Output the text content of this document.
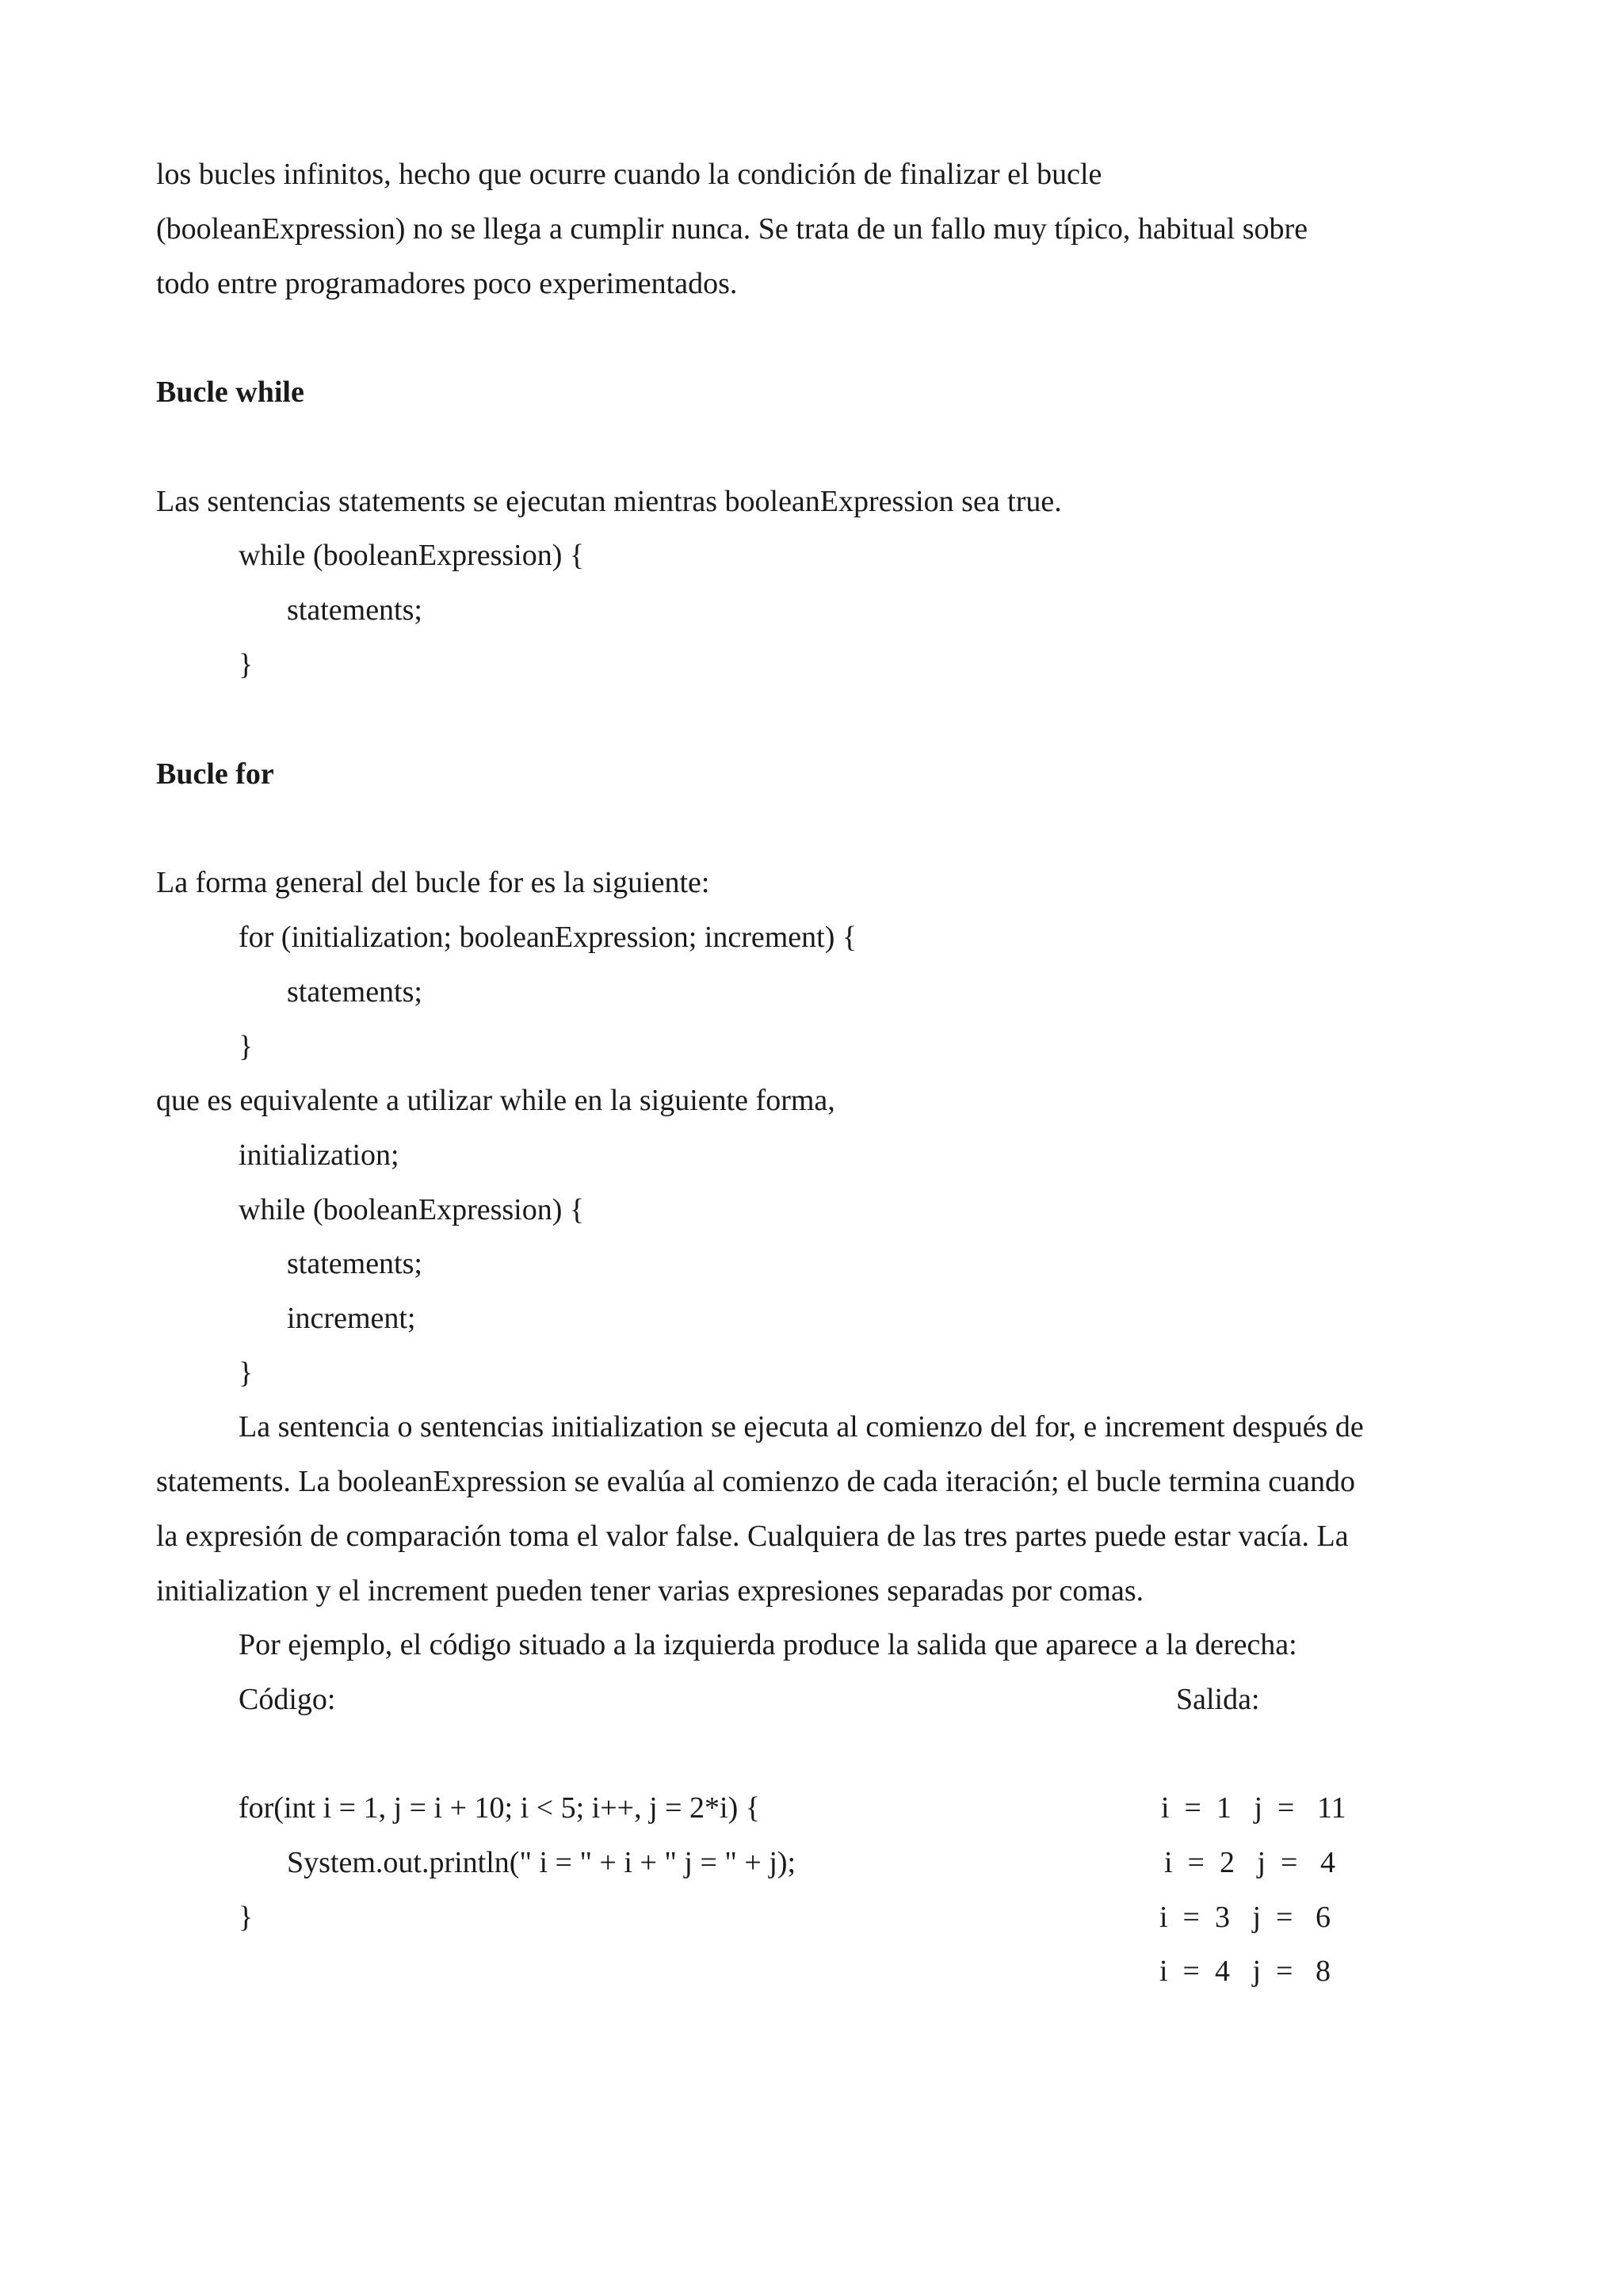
los bucles infinitos, hecho que ocurre cuando la condición de finalizar el bucle
(booleanExpression) no se llega a cumplir nunca. Se trata de un fallo muy típico, habitual sobre
todo entre programadores poco experimentados.
Bucle while
Las sentencias statements se ejecutan mientras booleanExpression sea true.
while (booleanExpression) {
statements;
}
Bucle for
La forma general del bucle for es la siguiente:
for (initialization; booleanExpression; increment) {
statements;
}
que es equivalente a utilizar while en la siguiente forma,
initialization;
while (booleanExpression) {
statements;
increment;
}
La sentencia o sentencias initialization se ejecuta al comienzo del for, e increment después de
statements. La booleanExpression se evalúa al comienzo de cada iteración; el bucle termina cuando
la expresión de comparación toma el valor false. Cualquiera de las tres partes puede estar vacía. La
initialization y el increment pueden tener varias expresiones separadas por comas.
Por ejemplo, el código situado a la izquierda produce la salida que aparece a la derecha:
Código:	Salida:
for(int i = 1, j = i + 10; i < 5; i++, j = 2*i) {
System.out.println(" i = " + i + " j = " + j);
}
i  =  1   j  =   11
i  =  2   j  =   4
i  =  3   j  =   6
i  =  4   j  =   8
